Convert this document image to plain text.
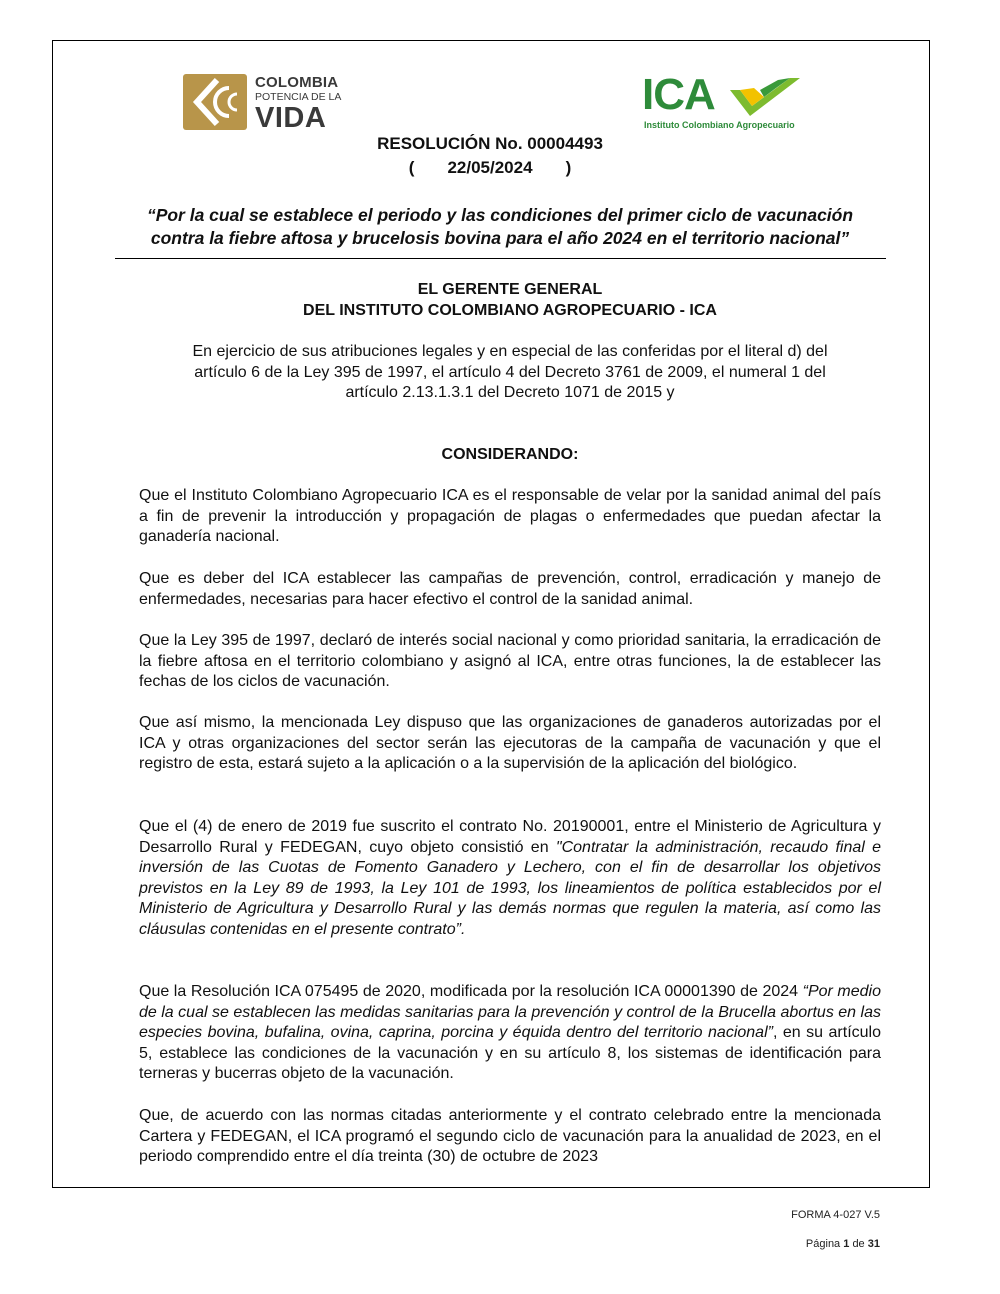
COLOMBIA
POTENCIA DE LA
VIDA	ICA
Instituto Colombiano Agropecuario
RESOLUCIÓN No. 00004493
(       22/05/2024       )
“Por la cual se establece el periodo y las condiciones del primer ciclo de vacunación
contra la fiebre aftosa y brucelosis bovina para el año 2024 en el territorio nacional”
EL GERENTE GENERAL
DEL INSTITUTO COLOMBIANO AGROPECUARIO - ICA
En ejercicio de sus atribuciones legales y en especial de las conferidas por el literal d) del
artículo 6 de la Ley 395 de 1997, el artículo 4 del Decreto 3761 de 2009, el numeral 1 del
artículo 2.13.1.3.1 del Decreto 1071 de 2015 y
CONSIDERANDO:
Que el Instituto Colombiano Agropecuario ICA es el responsable de velar por la sanidad animal del país a fin de prevenir la introducción y propagación de plagas o enfermedades que puedan afectar la ganadería nacional.
Que es deber del ICA establecer las campañas de prevención, control, erradicación y manejo de enfermedades, necesarias para hacer efectivo el control de la sanidad animal.
Que la Ley 395 de 1997, declaró de interés social nacional y como prioridad sanitaria, la erradicación de la fiebre aftosa en el territorio colombiano y asignó al ICA, entre otras funciones, la de establecer las fechas de los ciclos de vacunación.
Que así mismo, la mencionada Ley dispuso que las organizaciones de ganaderos autorizadas por el ICA y otras organizaciones del sector serán las ejecutoras de la campaña de vacunación y que el registro de esta, estará sujeto a la aplicación o a la supervisión de la aplicación del biológico.
Que el (4) de enero de 2019 fue suscrito el contrato No. 20190001, entre el Ministerio de Agricultura y Desarrollo Rural y FEDEGAN, cuyo objeto consistió en "Contratar la administración, recaudo final e inversión de las Cuotas de Fomento Ganadero y Lechero, con el fin de desarrollar los objetivos previstos en la Ley 89 de 1993, la Ley 101 de 1993, los lineamientos de política establecidos por el Ministerio de Agricultura y Desarrollo Rural y las demás normas que regulen la materia, así como las cláusulas contenidas en el presente contrato”.
Que la Resolución ICA 075495 de 2020, modificada por la resolución ICA 00001390 de 2024 “Por medio de la cual se establecen las medidas sanitarias para la prevención y control de la Brucella abortus en las especies bovina, bufalina, ovina, caprina, porcina y équida dentro del territorio nacional”, en su artículo 5, establece las condiciones de la vacunación y en su artículo 8, los sistemas de identificación para terneras y bucerras objeto de la vacunación.
Que, de acuerdo con las normas citadas anteriormente y el contrato celebrado entre la mencionada Cartera y FEDEGAN, el ICA programó el segundo ciclo de vacunación para la anualidad de 2023, en el periodo comprendido entre el día treinta (30) de octubre de 2023
FORMA 4-027 V.5
Página 1 de 31
